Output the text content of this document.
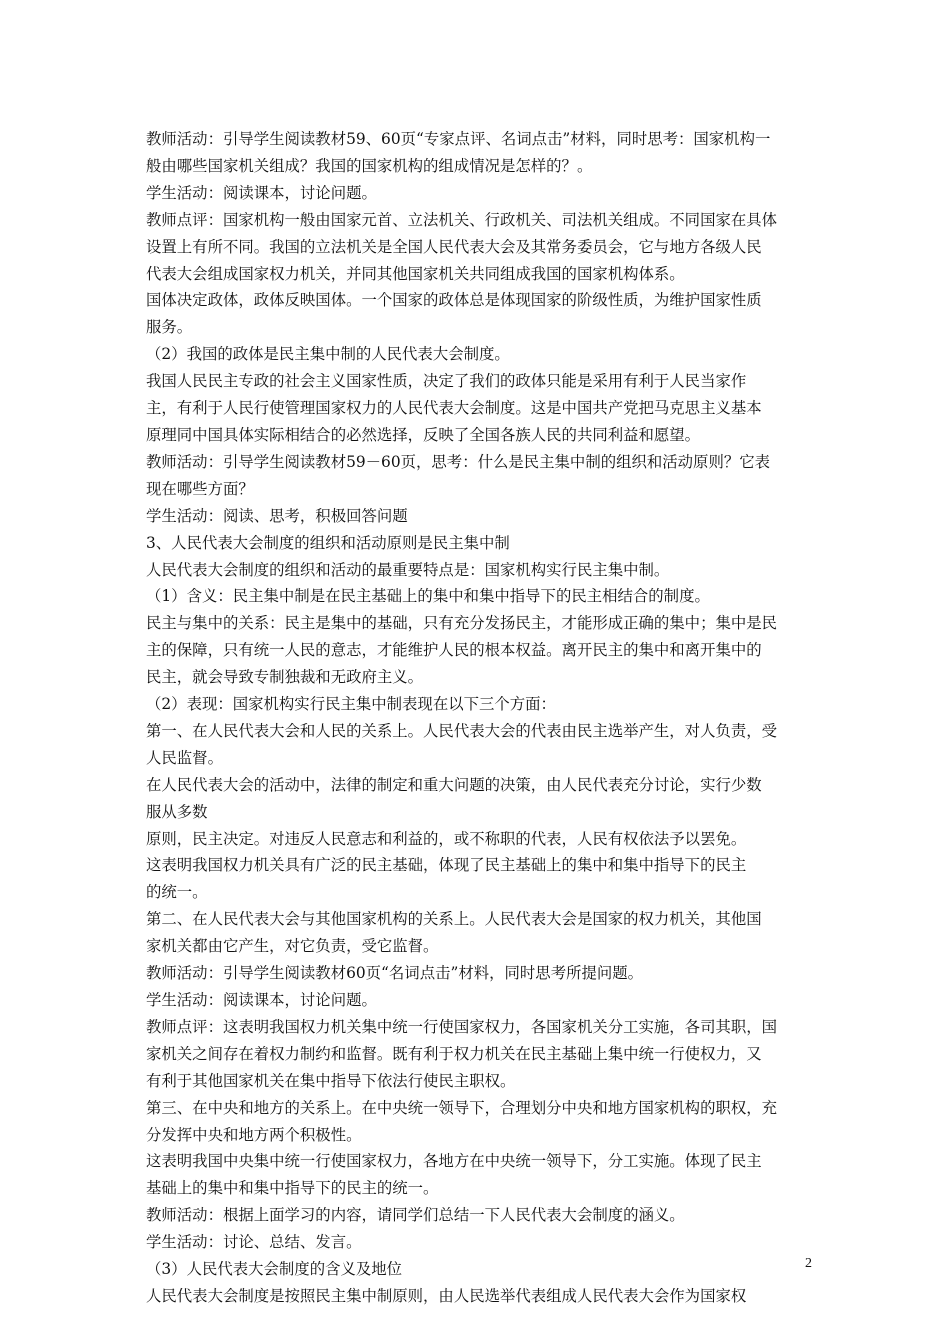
教师活动：引导学生阅读教材59、60页“专家点评、名词点击”材料，同时思考：国家机构一
般由哪些国家机关组成？我国的国家机构的组成情况是怎样的？。
学生活动：阅读课本，讨论问题。
教师点评：国家机构一般由国家元首、立法机关、行政机关、司法机关组成。不同国家在具体
设置上有所不同。我国的立法机关是全国人民代表大会及其常务委员会，它与地方各级人民
代表大会组成国家权力机关，并同其他国家机关共同组成我国的国家机构体系。
国体决定政体，政体反映国体。一个国家的政体总是体现国家的阶级性质，为维护国家性质
服务。
（2）我国的政体是民主集中制的人民代表大会制度。
我国人民民主专政的社会主义国家性质，决定了我们的政体只能是采用有利于人民当家作
主，有利于人民行使管理国家权力的人民代表大会制度。这是中国共产党把马克思主义基本
原理同中国具体实际相结合的必然选择，反映了全国各族人民的共同利益和愿望。
教师活动：引导学生阅读教材59－60页，思考：什么是民主集中制的组织和活动原则？它表
现在哪些方面？
学生活动：阅读、思考，积极回答问题
3、人民代表大会制度的组织和活动原则是民主集中制
人民代表大会制度的组织和活动的最重要特点是：国家机构实行民主集中制。
（1）含义：民主集中制是在民主基础上的集中和集中指导下的民主相结合的制度。
民主与集中的关系：民主是集中的基础，只有充分发扬民主，才能形成正确的集中；集中是民
主的保障，只有统一人民的意志，才能维护人民的根本权益。离开民主的集中和离开集中的
民主，就会导致专制独裁和无政府主义。
（2）表现：国家机构实行民主集中制表现在以下三个方面：
第一、在人民代表大会和人民的关系上。人民代表大会的代表由民主选举产生，对人负责，受
人民监督。
在人民代表大会的活动中，法律的制定和重大问题的决策，由人民代表充分讨论，实行少数
服从多数
原则，民主决定。对违反人民意志和利益的，或不称职的代表，人民有权依法予以罢免。
这表明我国权力机关具有广泛的民主基础，体现了民主基础上的集中和集中指导下的民主
的统一。
第二、在人民代表大会与其他国家机构的关系上。人民代表大会是国家的权力机关，其他国
家机关都由它产生，对它负责，受它监督。
教师活动：引导学生阅读教材60页“名词点击”材料，同时思考所提问题。
学生活动：阅读课本，讨论问题。
教师点评：这表明我国权力机关集中统一行使国家权力，各国家机关分工实施，各司其职，国
家机关之间存在着权力制约和监督。既有利于权力机关在民主基础上集中统一行使权力，又
有利于其他国家机关在集中指导下依法行使民主职权。
第三、在中央和地方的关系上。在中央统一领导下，合理划分中央和地方国家机构的职权，充
分发挥中央和地方两个积极性。
这表明我国中央集中统一行使国家权力，各地方在中央统一领导下，分工实施。体现了民主
基础上的集中和集中指导下的民主的统一。
教师活动：根据上面学习的内容，请同学们总结一下人民代表大会制度的涵义。
学生活动：讨论、总结、发言。
（3）人民代表大会制度的含义及地位
人民代表大会制度是按照民主集中制原则，由人民选举代表组成人民代表大会作为国家权
2
